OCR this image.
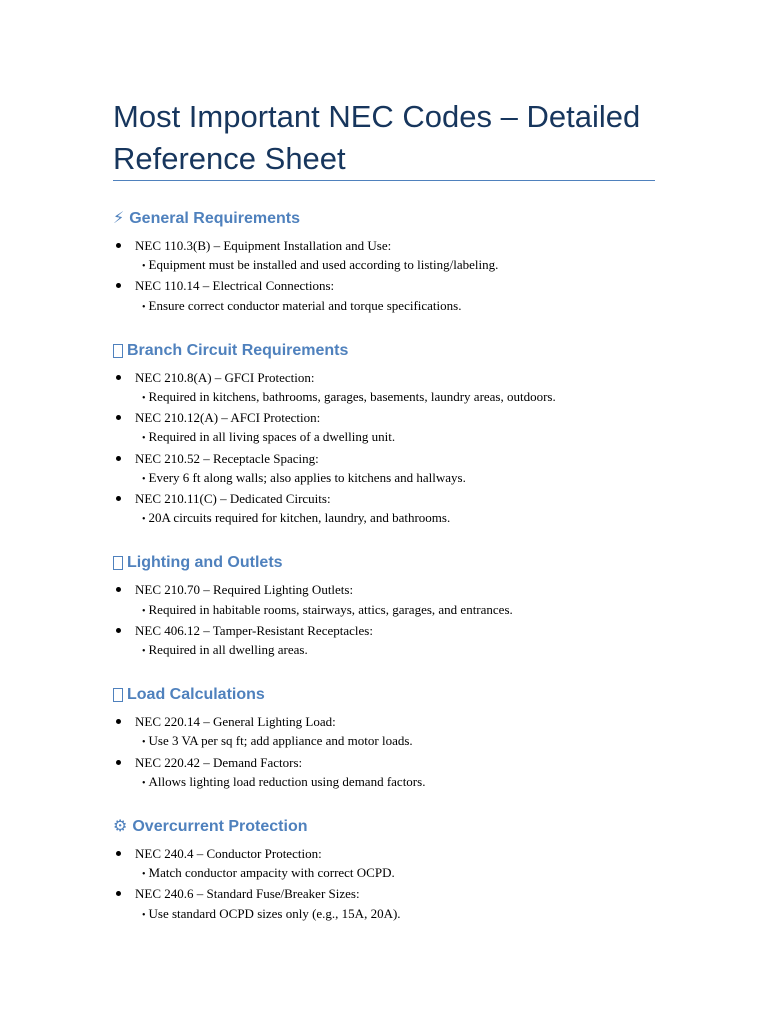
Most Important NEC Codes – Detailed Reference Sheet
⚡ General Requirements
NEC 110.3(B) – Equipment Installation and Use:
• Equipment must be installed and used according to listing/labeling.
NEC 110.14 – Electrical Connections:
• Ensure correct conductor material and torque specifications.
Branch Circuit Requirements
NEC 210.8(A) – GFCI Protection:
• Required in kitchens, bathrooms, garages, basements, laundry areas, outdoors.
NEC 210.12(A) – AFCI Protection:
• Required in all living spaces of a dwelling unit.
NEC 210.52 – Receptacle Spacing:
• Every 6 ft along walls; also applies to kitchens and hallways.
NEC 210.11(C) – Dedicated Circuits:
• 20A circuits required for kitchen, laundry, and bathrooms.
Lighting and Outlets
NEC 210.70 – Required Lighting Outlets:
• Required in habitable rooms, stairways, attics, garages, and entrances.
NEC 406.12 – Tamper-Resistant Receptacles:
• Required in all dwelling areas.
Load Calculations
NEC 220.14 – General Lighting Load:
• Use 3 VA per sq ft; add appliance and motor loads.
NEC 220.42 – Demand Factors:
• Allows lighting load reduction using demand factors.
⚙ Overcurrent Protection
NEC 240.4 – Conductor Protection:
• Match conductor ampacity with correct OCPD.
NEC 240.6 – Standard Fuse/Breaker Sizes:
• Use standard OCPD sizes only (e.g., 15A, 20A).
